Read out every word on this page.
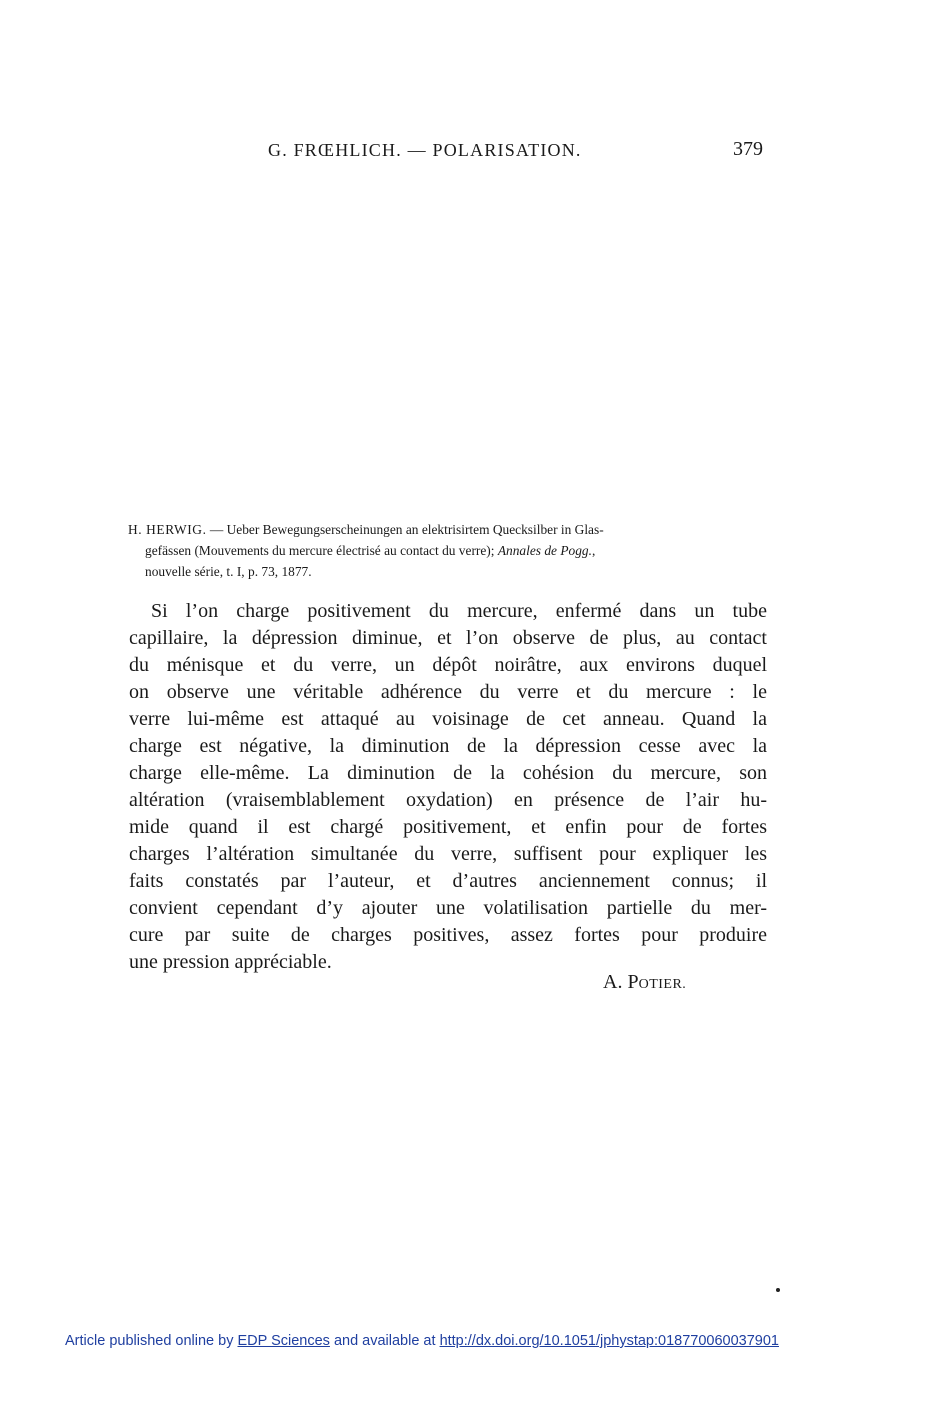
G. FRŒHLICH. — POLARISATION.	379
H. HERWIG. — Ueber Bewegungserscheinungen an elektrisirtem Quecksilber in Glas-
gefässen (Mouvements du mercure électrisé au contact du verre); Annales de Pogg.,
nouvelle série, t. I, p. 73, 1877.
Si l’on charge positivement du mercure, enfermé dans un tube
capillaire, la dépression diminue, et l’on observe de plus, au contact
du ménisque et du verre, un dépôt noirâtre, aux environs duquel
on observe une véritable adhérence du verre et du mercure : le
verre lui-même est attaqué au voisinage de cet anneau. Quand la
charge est négative, la diminution de la dépression cesse avec la
charge elle-même. La diminution de la cohésion du mercure, son
altération (vraisemblablement oxydation) en présence de l’air hu-
mide quand il est chargé positivement, et enfin pour de fortes
charges l’altération simultanée du verre, suffisent pour expliquer les
faits constatés par l’auteur, et d’autres anciennement connus; il
convient cependant d’y ajouter une volatilisation partielle du mer-
cure par suite de charges positives, assez fortes pour produire
une pression appréciable.
A. POTIER.
Article published online by EDP Sciences and available at http://dx.doi.org/10.1051/jphystap:018770060037901
